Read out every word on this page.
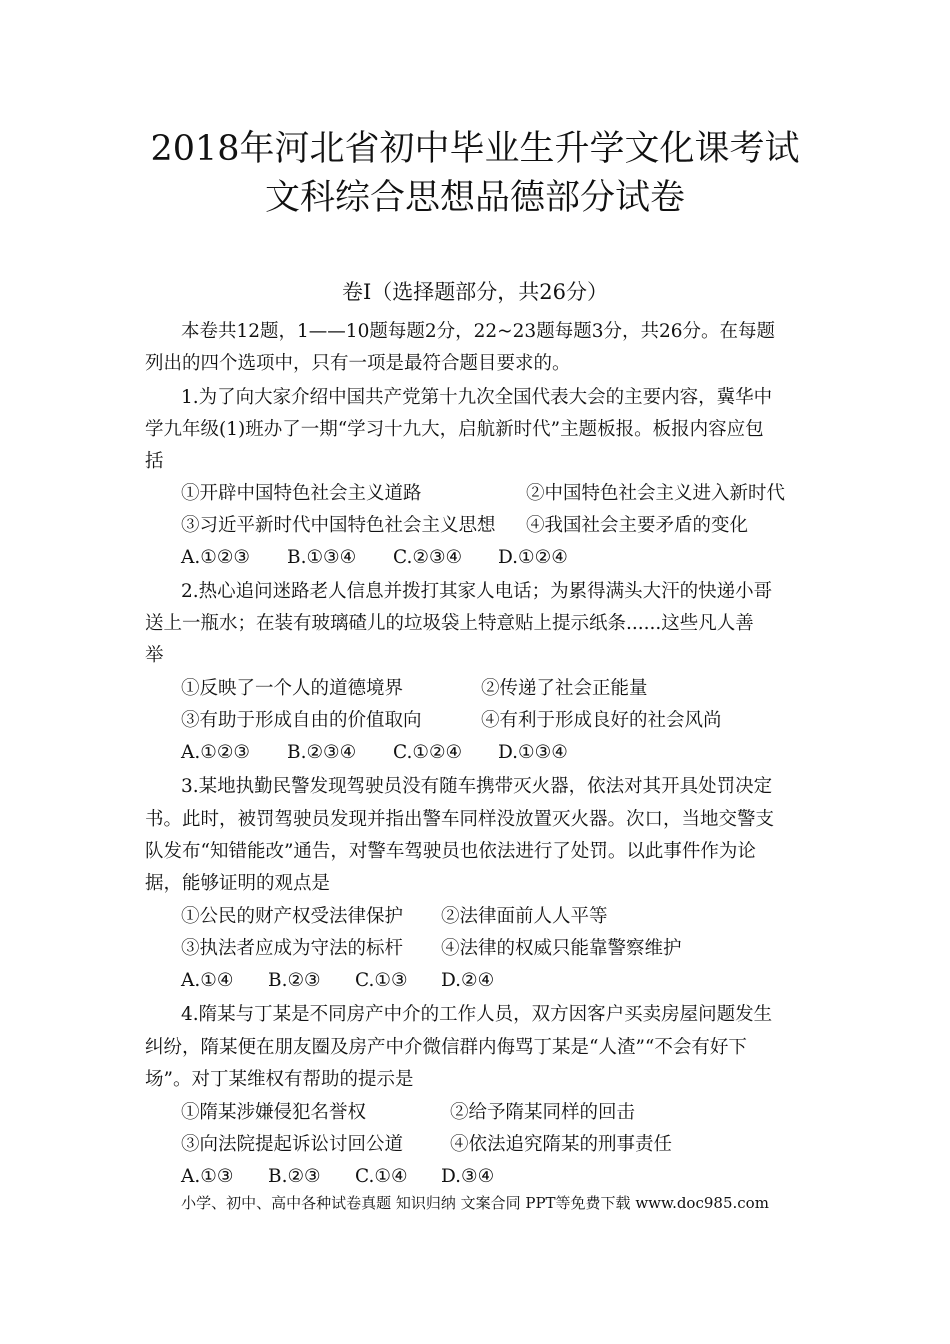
2018年河北省初中毕业生升学文化课考试
文科综合思想品德部分试卷
卷Ⅰ（选择题部分，共26分）
本卷共12题，1——10题每题2分，22~23题每题3分，共26分。在每题
列出的四个选项中，只有一项是最符合题目要求的。
1.为了向大家介绍中国共产党第十九次全国代表大会的主要内容，冀华中
学九年级(1)班办了一期“学习十九大，启航新时代”主题板报。板报内容应包
括
①开辟中国特色社会主义道路	②中国特色社会主义进入新时代
③习近平新时代中国特色社会主义思想 ④我国社会主要矛盾的变化
A.①②③ B.①③④ C.②③④ D.①②④
2.热心追问迷路老人信息并拨打其家人电话；为累得满头大汗的快递小哥
送上一瓶水；在装有玻璃碴儿的垃圾袋上特意贴上提示纸条......这些凡人善
举
①反映了一个人的道德境界	②传递了社会正能量
③有助于形成自由的价值取向	④有利于形成良好的社会风尚
A.①②③ B.②③④ C.①②④ D.①③④
3.某地执勤民警发现驾驶员没有随车携带灭火器，依法对其开具处罚决定
书。此时，被罚驾驶员发现并指出警车同样没放置灭火器。次口，当地交警支
队发布“知错能改”通告，对警车驾驶员也依法进行了处罚。以此事件作为论
据，能够证明的观点是
①公民的财产权受法律保护 ②法律面前人人平等
③执法者应成为守法的标杆 ④法律的权威只能靠警察维护
A.①④ B.②③ C.①③ D.②④
4.隋某与丁某是不同房产中介的工作人员，双方因客户买卖房屋问题发生
纠纷，隋某便在朋友圈及房产中介微信群内侮骂丁某是“人渣”“不会有好下
场”。对丁某维权有帮助的提示是
①隋某涉嫌侵犯名誉权	②给予隋某同样的回击
③向法院提起诉讼讨回公道	④依法追究隋某的刑事责任
A.①③ B.②③ C.①④ D.③④
小学、初中、高中各种试卷真题 知识归纳 文案合同 PPT等免费下载 www.doc985.com
